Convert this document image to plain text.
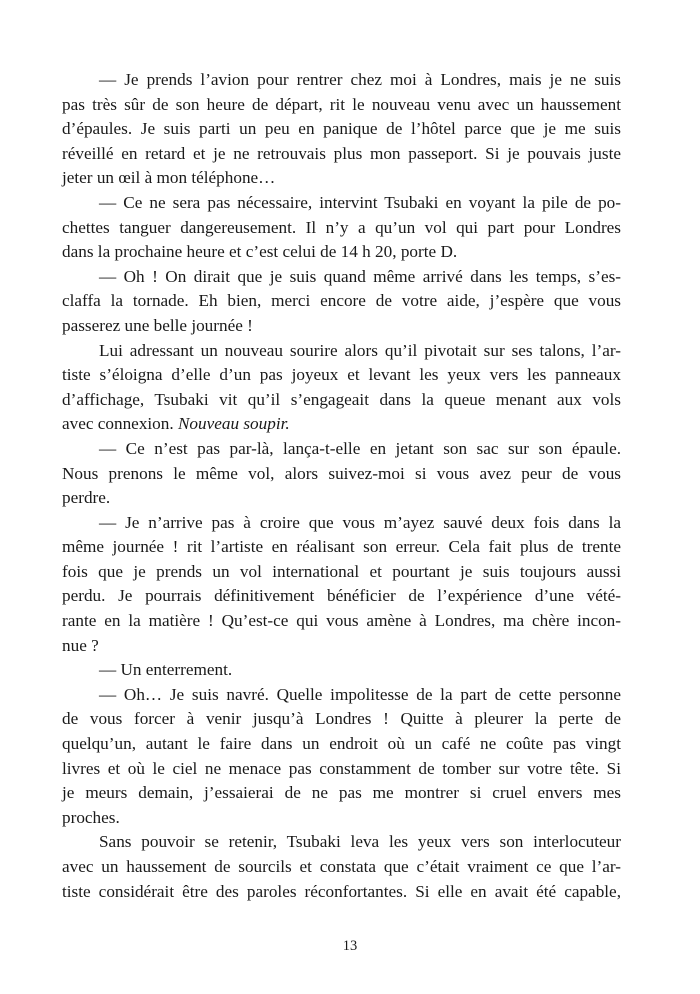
— Je prends l’avion pour rentrer chez moi à Londres, mais je ne suis
pas très sûr de son heure de départ, rit le nouveau venu avec un haussement
d’épaules. Je suis parti un peu en panique de l’hôtel parce que je me suis
réveillé en retard et je ne retrouvais plus mon passeport. Si je pouvais juste
jeter un œil à mon téléphone…
— Ce ne sera pas nécessaire, intervint Tsubaki en voyant la pile de po-
chettes tanguer dangereusement. Il n’y a qu’un vol qui part pour Londres
dans la prochaine heure et c’est celui de 14 h 20, porte D.
— Oh ! On dirait que je suis quand même arrivé dans les temps, s’es-
claffa la tornade. Eh bien, merci encore de votre aide, j’espère que vous
passerez une belle journée !
Lui adressant un nouveau sourire alors qu’il pivotait sur ses talons, l’ar-
tiste s’éloigna d’elle d’un pas joyeux et levant les yeux vers les panneaux
d’affichage, Tsubaki vit qu’il s’engageait dans la queue menant aux vols
avec connexion. Nouveau soupir.
— Ce n’est pas par-là, lança-t-elle en jetant son sac sur son épaule.
Nous prenons le même vol, alors suivez-moi si vous avez peur de vous
perdre.
— Je n’arrive pas à croire que vous m’ayez sauvé deux fois dans la
même journée ! rit l’artiste en réalisant son erreur. Cela fait plus de trente
fois que je prends un vol international et pourtant je suis toujours aussi
perdu. Je pourrais définitivement bénéficier de l’expérience d’une vété-
rante en la matière ! Qu’est-ce qui vous amène à Londres, ma chère incon-
nue ?
— Un enterrement.
— Oh… Je suis navré. Quelle impolitesse de la part de cette personne
de vous forcer à venir jusqu’à Londres ! Quitte à pleurer la perte de
quelqu’un, autant le faire dans un endroit où un café ne coûte pas vingt
livres et où le ciel ne menace pas constamment de tomber sur votre tête. Si
je meurs demain, j’essaierai de ne pas me montrer si cruel envers mes
proches.
Sans pouvoir se retenir, Tsubaki leva les yeux vers son interlocuteur
avec un haussement de sourcils et constata que c’était vraiment ce que l’ar-
tiste considérait être des paroles réconfortantes. Si elle en avait été capable,
13
